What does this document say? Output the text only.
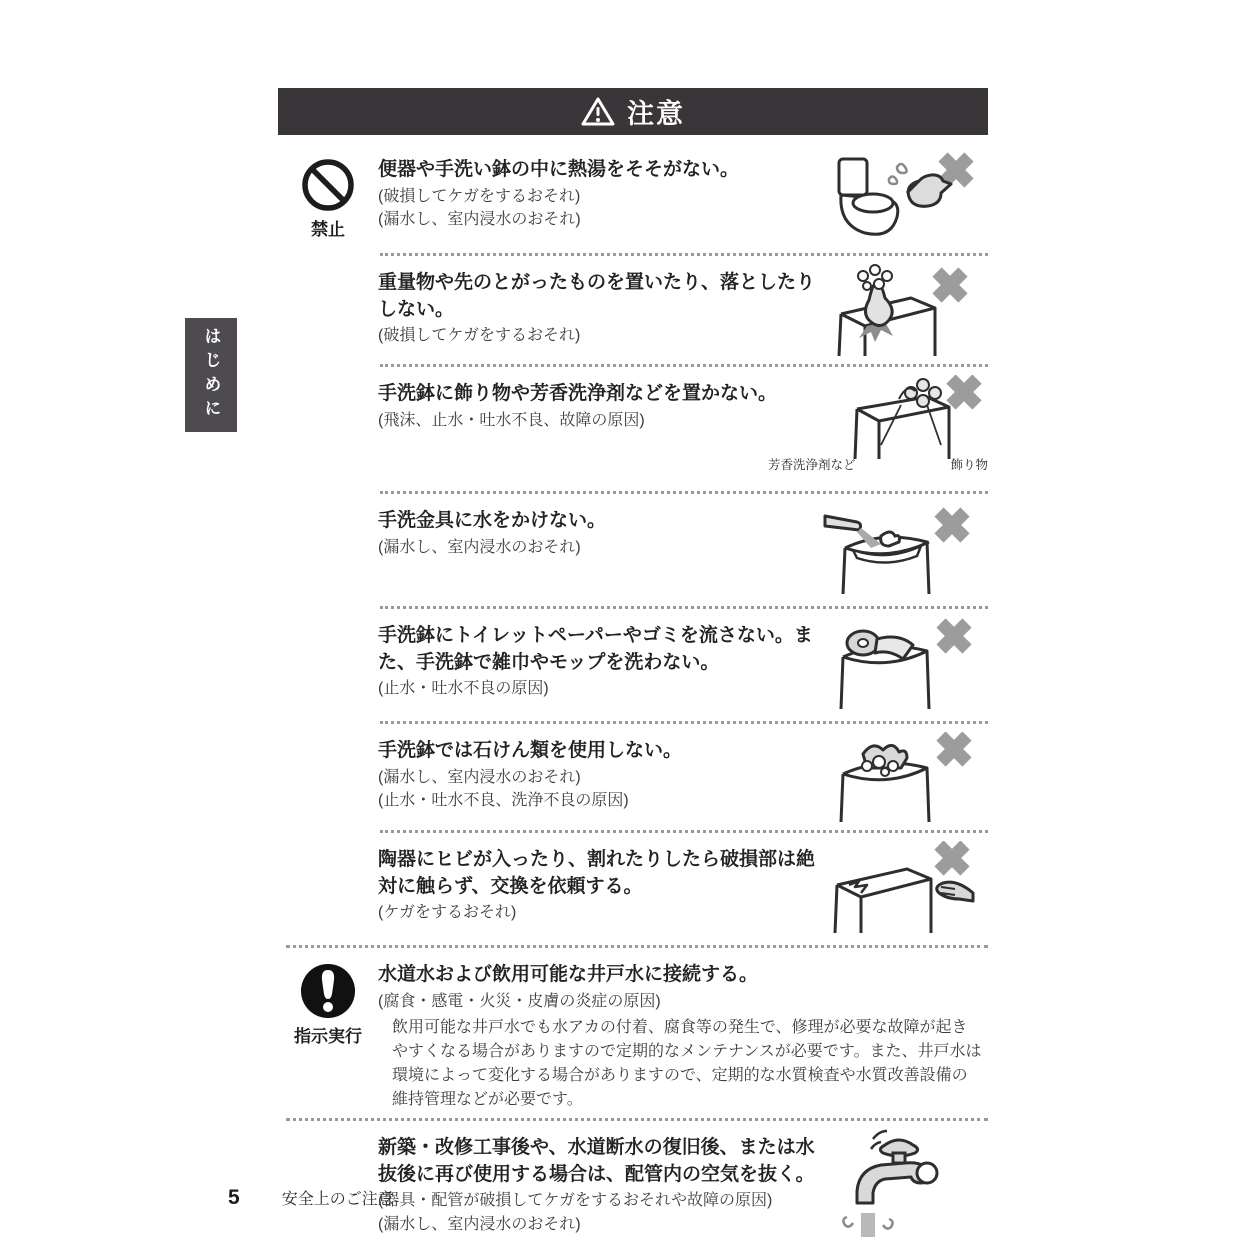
はじめに
注意
禁止
便器や手洗い鉢の中に熱湯をそそがない。
(破損してケガをするおそれ)
(漏水し、室内浸水のおそれ)
重量物や先のとがったものを置いたり、落としたりしない。
(破損してケガをするおそれ)
手洗鉢に飾り物や芳香洗浄剤などを置かない。
(飛沫、止水・吐水不良、故障の原因)
芳香洗浄剤など	飾り物
手洗金具に水をかけない。
(漏水し、室内浸水のおそれ)
手洗鉢にトイレットペーパーやゴミを流さない。また、手洗鉢で雑巾やモップを洗わない。
(止水・吐水不良の原因)
手洗鉢では石けん類を使用しない。
(漏水し、室内浸水のおそれ)
(止水・吐水不良、洗浄不良の原因)
陶器にヒビが入ったり、割れたりしたら破損部は絶対に触らず、交換を依頼する。
(ケガをするおそれ)
指示実行
水道水および飲用可能な井戸水に接続する。
(腐食・感電・火災・皮膚の炎症の原因)
飲用可能な井戸水でも水アカの付着、腐食等の発生で、修理が必要な故障が起きやすくなる場合がありますので定期的なメンテナンスが必要です。また、井戸水は環境によって変化する場合がありますので、定期的な水質検査や水質改善設備の維持管理などが必要です。
新築・改修工事後や、水道断水の復旧後、または水抜後に再び使用する場合は、配管内の空気を抜く。
(器具・配管が破損してケガをするおそれや故障の原因)
(漏水し、室内浸水のおそれ)
5	安全上のご注意
